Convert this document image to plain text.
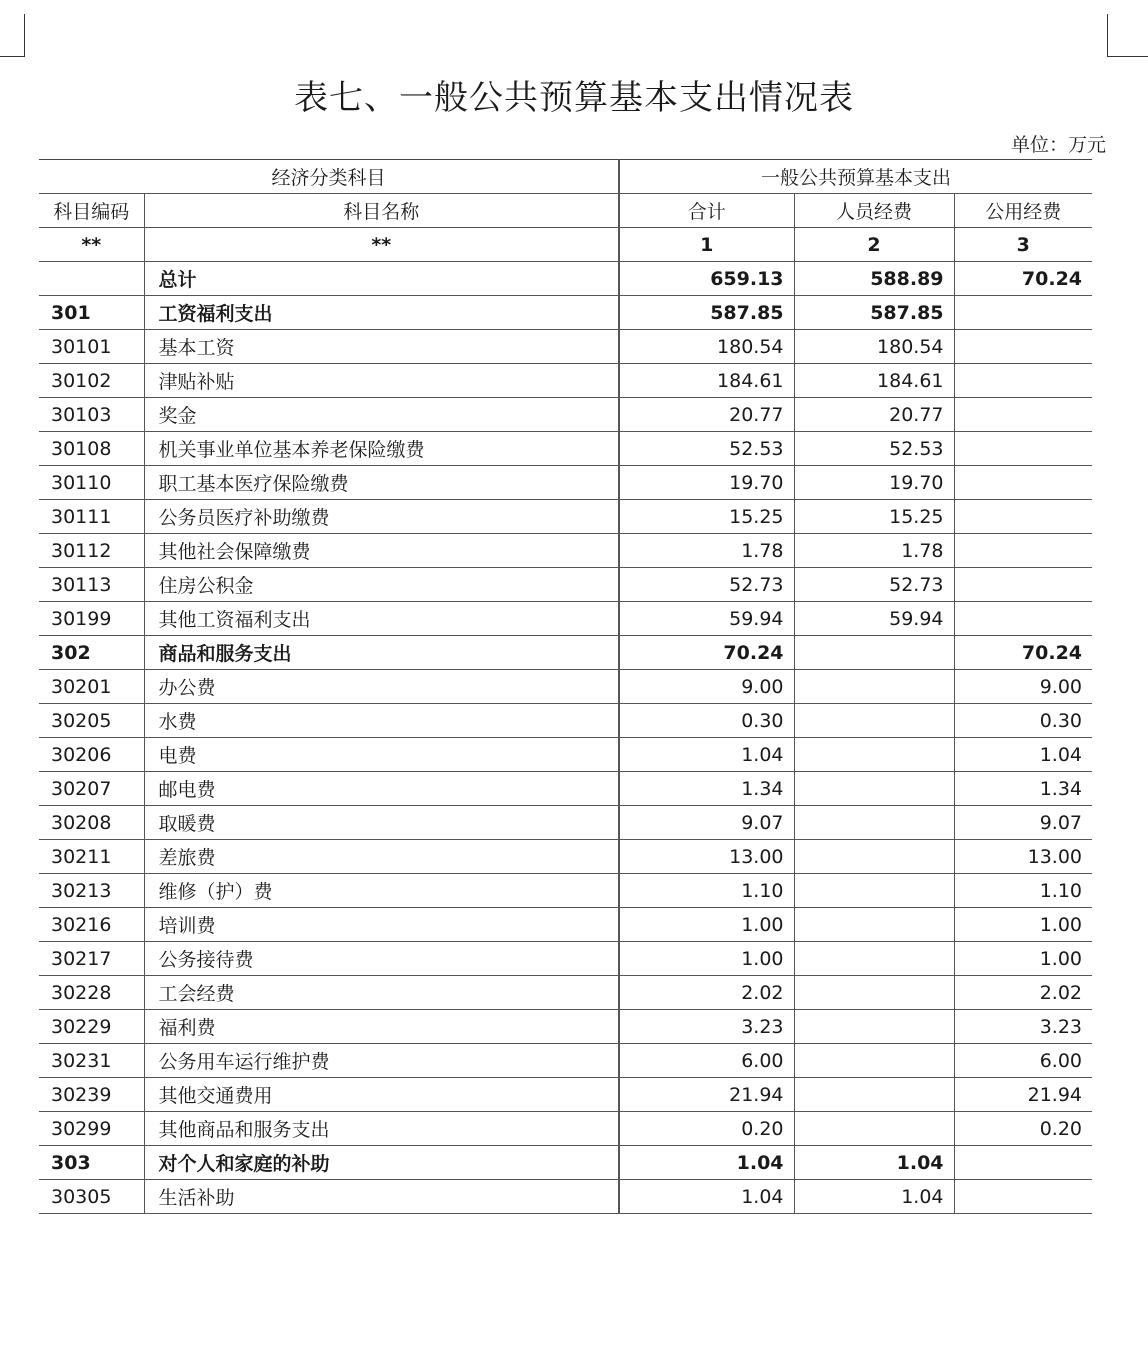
表七、一般公共预算基本支出情况表
单位：万元
经济分类科目		一般公共预算基本支出		
科目编码	科目名称	合计	人员经费	公用经费
**	**	1	2	3
	总计	659.13	588.89	70.24
301	工资福利支出	587.85	587.85	
30101	基本工资	180.54	180.54	
30102	津贴补贴	184.61	184.61	
30103	奖金	20.77	20.77	
30108	机关事业单位基本养老保险缴费	52.53	52.53	
30110	职工基本医疗保险缴费	19.70	19.70	
30111	公务员医疗补助缴费	15.25	15.25	
30112	其他社会保障缴费	1.78	1.78	
30113	住房公积金	52.73	52.73	
30199	其他工资福利支出	59.94	59.94	
302	商品和服务支出	70.24		70.24
30201	办公费	9.00		9.00
30205	水费	0.30		0.30
30206	电费	1.04		1.04
30207	邮电费	1.34		1.34
30208	取暖费	9.07		9.07
30211	差旅费	13.00		13.00
30213	维修（护）费	1.10		1.10
30216	培训费	1.00		1.00
30217	公务接待费	1.00		1.00
30228	工会经费	2.02		2.02
30229	福利费	3.23		3.23
30231	公务用车运行维护费	6.00		6.00
30239	其他交通费用	21.94		21.94
30299	其他商品和服务支出	0.20		0.20
303	对个人和家庭的补助	1.04	1.04	
30305	生活补助	1.04	1.04	
